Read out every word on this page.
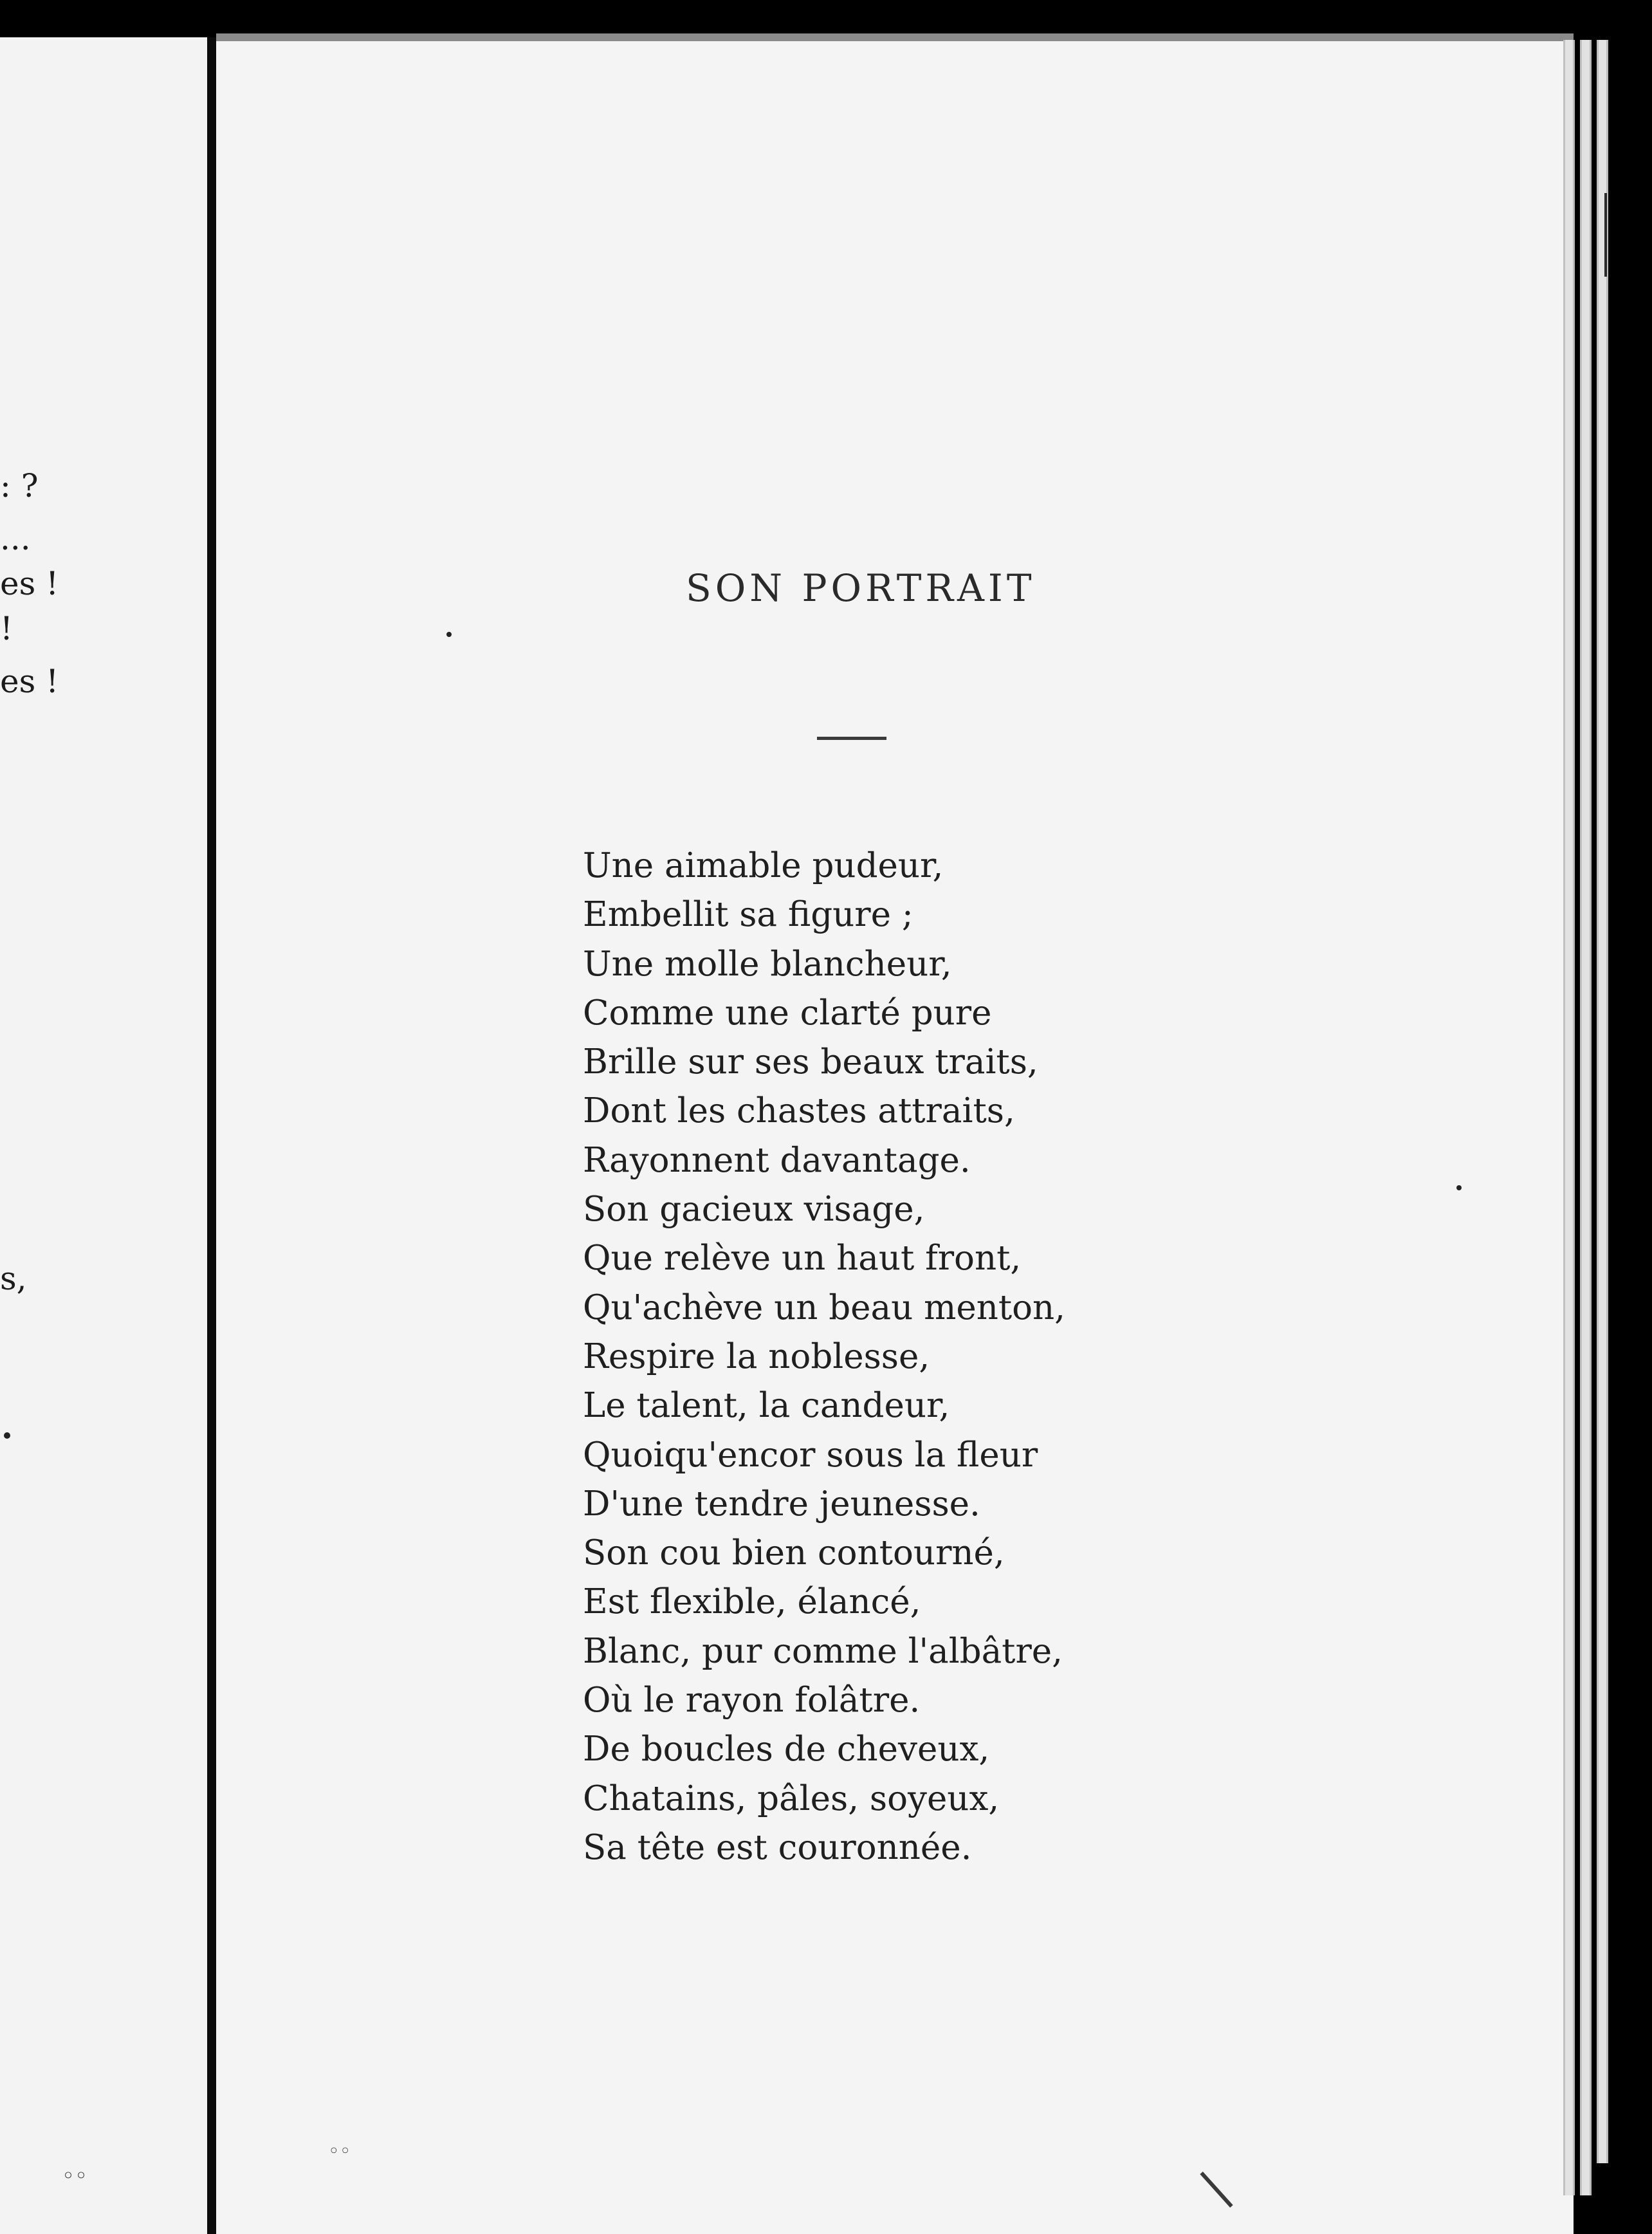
: ?
...
es !
!
es !
s,
◦◦
SON PORTRAIT
Une aimable pudeur,
Embellit sa figure ;
Une molle blancheur,
Comme une clarté pure
Brille sur ses beaux traits,
Dont les chastes attraits,
Rayonnent davantage.
Son gacieux visage,
Que relève un haut front,
Qu'achève un beau menton,
Respire la noblesse,
Le talent, la candeur,
Quoiqu'encor sous la fleur
D'une tendre jeunesse.
Son cou bien contourné,
Est flexible, élancé,
Blanc, pur comme l'albâtre,
Où le rayon folâtre.
De boucles de cheveux,
Chatains, pâles, soyeux,
Sa tête est couronnée.
◦◦
